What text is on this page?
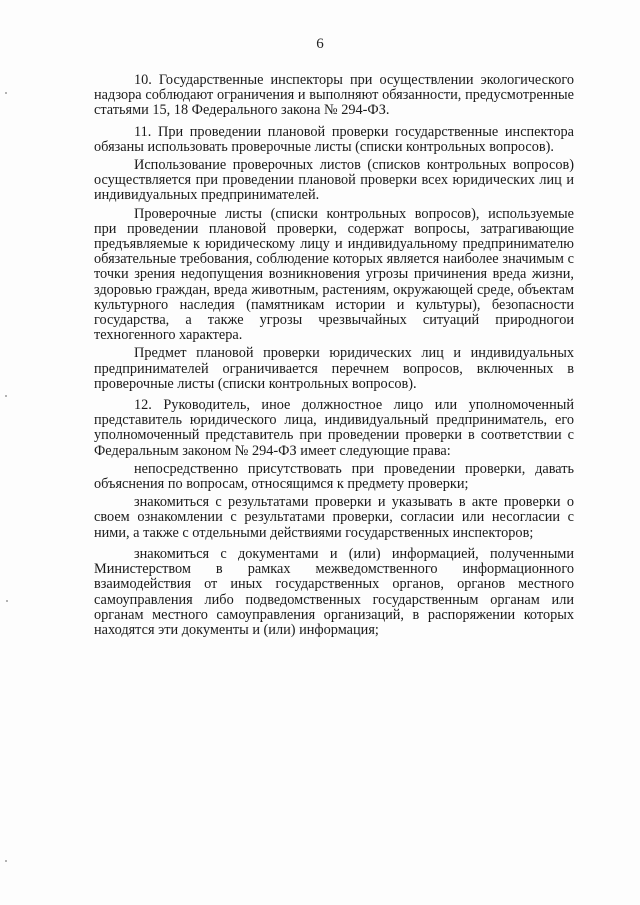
6

10. Государственные инспекторы при осуществлении экологического надзора соблюдают ограничения и выполняют обязанности, предусмотренные статьями 15, 18 Федерального закона № 294-ФЗ.

11. При проведении плановой проверки государственные инспектора обязаны использовать проверочные листы (списки контрольных вопросов).

Использование проверочных листов (списков контрольных вопросов) осуществляется при проведении плановой проверки всех юридических лиц и индивидуальных предпринимателей.

Проверочные листы (списки контрольных вопросов), используемые при проведении плановой проверки, содержат вопросы, затрагивающие предъявляемые к юридическому лицу и индивидуальному предпринимателю обязательные требования, соблюдение которых является наиболее значимым с точки зрения недопущения возникновения угрозы причинения вреда жизни, здоровью граждан, вреда животным, растениям, окружающей среде, объектам культурного наследия (памятникам истории и культуры), безопасности государства, а также угрозы чрезвычайных ситуаций природногои техногенного характера.

Предмет плановой проверки юридических лиц и индивидуальных предпринимателей ограничивается перечнем вопросов, включенных в проверочные листы (списки контрольных вопросов).

12. Руководитель, иное должностное лицо или уполномоченный представитель юридического лица, индивидуальный предприниматель, его уполномоченный представитель при проведении проверки в соответствии с Федеральным законом № 294-ФЗ имеет следующие права:

непосредственно присутствовать при проведении проверки, давать объяснения по вопросам, относящимся к предмету проверки;

знакомиться с результатами проверки и указывать в акте проверки о своем ознакомлении с результатами проверки, согласии или несогласии с ними, а также с отдельными действиями государственных инспекторов;

знакомиться с документами и (или) информацией, полученными Министерством в рамках межведомственного информационного взаимодействия от иных государственных органов, органов местного самоуправления либо подведомственных государственным органам или органам местного самоуправления организаций, в распоряжении которых находятся эти документы и (или) информация;
